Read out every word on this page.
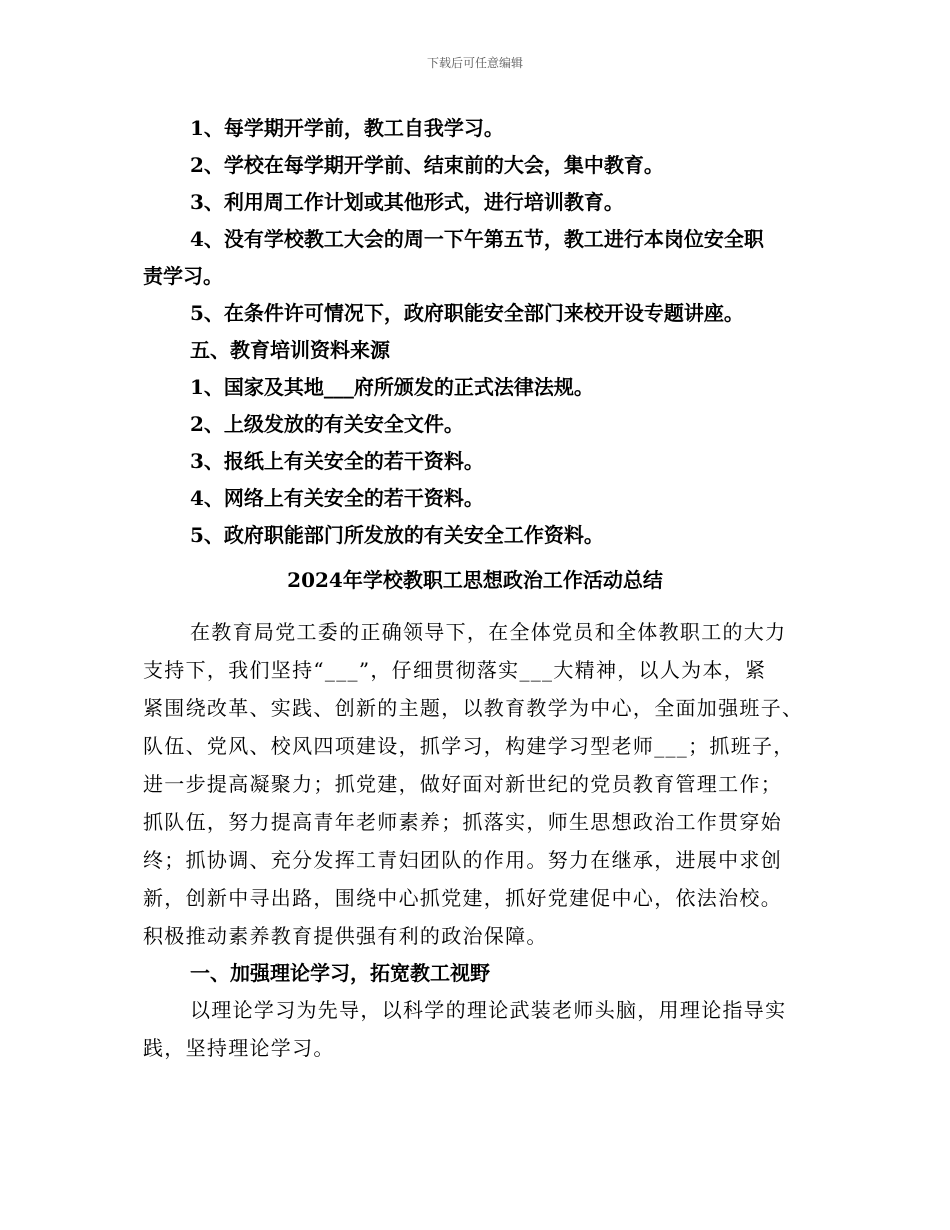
下载后可任意编辑

1、每学期开学前，教工自我学习。

2、学校在每学期开学前、结束前的大会，集中教育。

3、利用周工作计划或其他形式，进行培训教育。

4、没有学校教工大会的周一下午第五节，教工进行本岗位安全职

责学习。

5、在条件许可情况下，政府职能安全部门来校开设专题讲座。

五、教育培训资料来源

1、国家及其地___府所颁发的正式法律法规。

2、上级发放的有关安全文件。

3、报纸上有关安全的若干资料。

4、网络上有关安全的若干资料。

5、政府职能部门所发放的有关安全工作资料。

2024年学校教职工思想政治工作活动总结

在教育局党工委的正确领导下，在全体党员和全体教职工的大力

支持下，我们坚持“___”，仔细贯彻落实___大精神，以人为本，紧

紧围绕改革、实践、创新的主题，以教育教学为中心，全面加强班子、

队伍、党风、校风四项建设，抓学习，构建学习型老师___；抓班子，

进一步提高凝聚力；抓党建，做好面对新世纪的党员教育管理工作；

抓队伍，努力提高青年老师素养；抓落实，师生思想政治工作贯穿始

终；抓协调、充分发挥工青妇团队的作用。努力在继承，进展中求创

新，创新中寻出路，围绕中心抓党建，抓好党建促中心，依法治校。

积极推动素养教育提供强有利的政治保障。

一、加强理论学习，拓宽教工视野

以理论学习为先导，以科学的理论武装老师头脑，用理论指导实

践，坚持理论学习。
